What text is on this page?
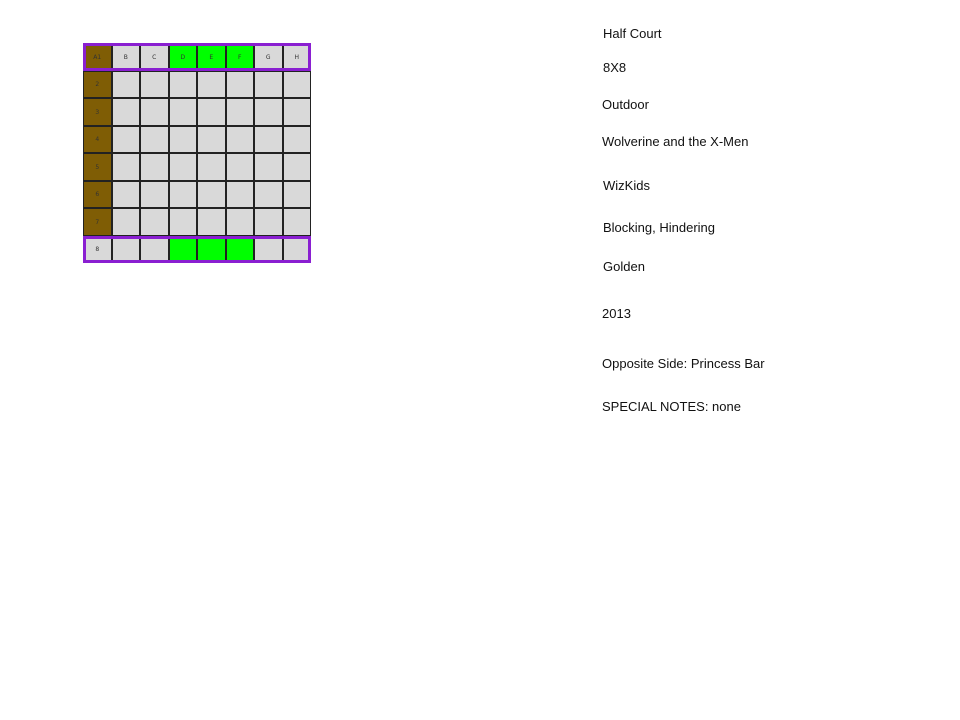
A1	B	C	D	E	F	G	H
2
3
4
5
6
7
8
Half Court
8X8
Outdoor
Wolverine and the X-Men
WizKids
Blocking, Hindering
Golden
2013
Opposite Side: Princess Bar
SPECIAL NOTES: none
